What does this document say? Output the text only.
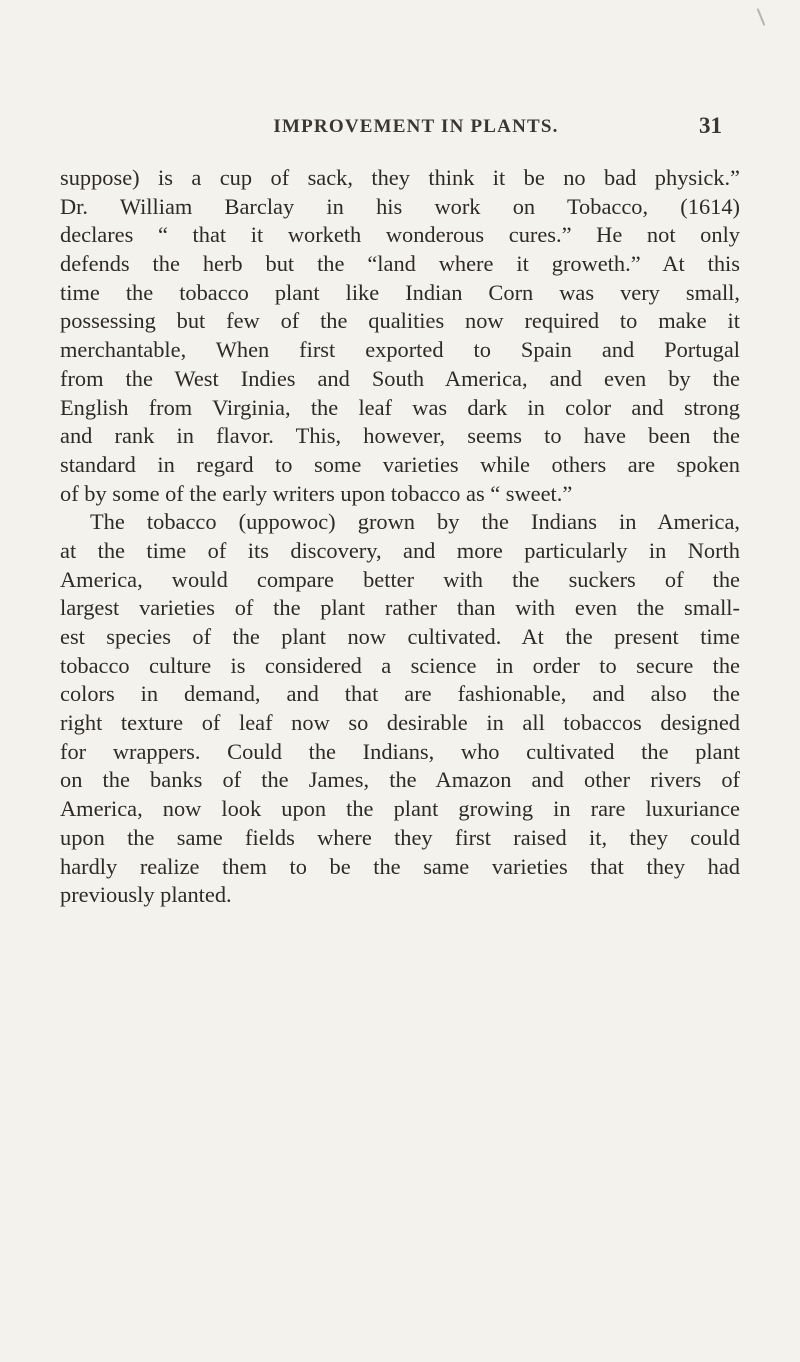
IMPROVEMENT IN PLANTS.	31
suppose) is a cup of sack, they think it be no bad physick.”
Dr. William Barclay in his work on Tobacco, (1614)
declares “ that it worketh wonderous cures.” He not only
defends the herb but the “land where it groweth.” At this
time the tobacco plant like Indian Corn was very small,
possessing but few of the qualities now required to make it
merchantable, When first exported to Spain and Portugal
from the West Indies and South America, and even by the
English from Virginia, the leaf was dark in color and strong
and rank in flavor. This, however, seems to have been the
standard in regard to some varieties while others are spoken
of by some of the early writers upon tobacco as “ sweet.”
The tobacco (uppowoc) grown by the Indians in America,
at the time of its discovery, and more particularly in North
America, would compare better with the suckers of the
largest varieties of the plant rather than with even the small-
est species of the plant now cultivated. At the present time
tobacco culture is considered a science in order to secure the
colors in demand, and that are fashionable, and also the
right texture of leaf now so desirable in all tobaccos designed
for wrappers. Could the Indians, who cultivated the plant
on the banks of the James, the Amazon and other rivers of
America, now look upon the plant growing in rare luxuriance
upon the same fields where they first raised it, they could
hardly realize them to be the same varieties that they had
previously planted.
